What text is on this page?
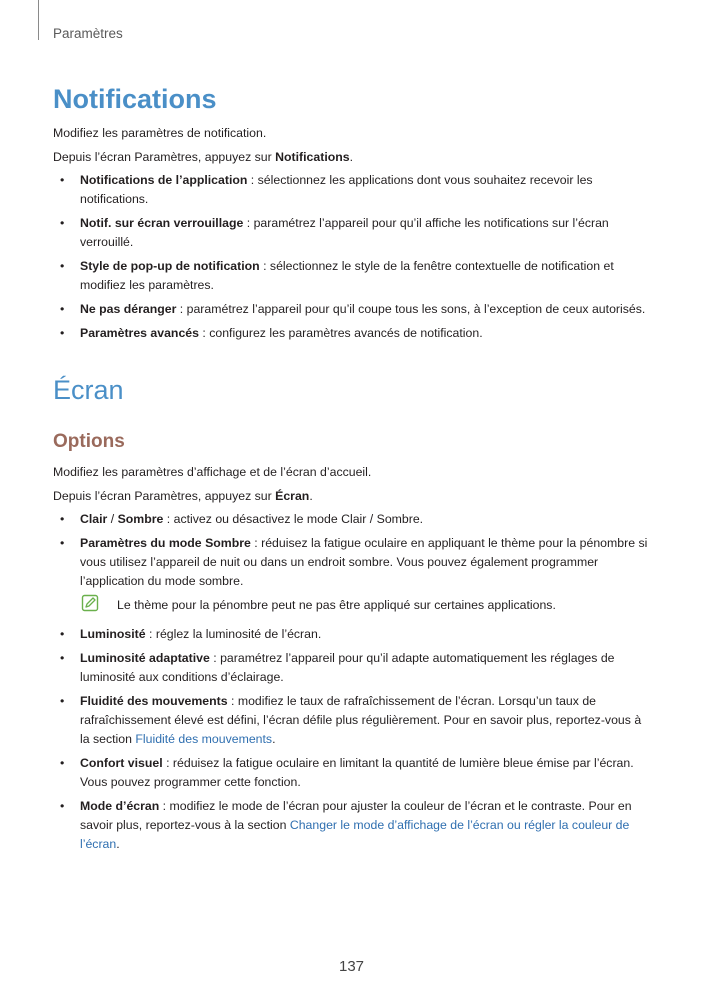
Paramètres
Notifications

Modifiez les paramètres de notification.

Depuis l’écran Paramètres, appuyez sur Notifications.

• Notifications de l’application : sélectionnez les applications dont vous souhaitez recevoir les notifications.
• Notif. sur écran verrouillage : paramétrez l’appareil pour qu’il affiche les notifications sur l’écran verrouillé.
• Style de pop-up de notification : sélectionnez le style de la fenêtre contextuelle de notification et modifiez les paramètres.
• Ne pas déranger : paramétrez l’appareil pour qu’il coupe tous les sons, à l’exception de ceux autorisés.
• Paramètres avancés : configurez les paramètres avancés de notification.
Écran
Options

Modifiez les paramètres d’affichage et de l’écran d’accueil.

Depuis l’écran Paramètres, appuyez sur Écran.

• Clair / Sombre : activez ou désactivez le mode Clair / Sombre.
• Paramètres du mode Sombre : réduisez la fatigue oculaire en appliquant le thème pour la pénombre si vous utilisez l’appareil de nuit ou dans un endroit sombre. Vous pouvez également programmer l’application du mode sombre.
Le thème pour la pénombre peut ne pas être appliqué sur certaines applications.
• Luminosité : réglez la luminosité de l’écran.
• Luminosité adaptative : paramétrez l’appareil pour qu’il adapte automatiquement les réglages de luminosité aux conditions d’éclairage.
• Fluidité des mouvements : modifiez le taux de rafraîchissement de l’écran. Lorsqu’un taux de rafraîchissement élevé est défini, l’écran défile plus régulièrement. Pour en savoir plus, reportez-vous à la section Fluidité des mouvements.
• Confort visuel : réduisez la fatigue oculaire en limitant la quantité de lumière bleue émise par l’écran. Vous pouvez programmer cette fonction.
• Mode d’écran : modifiez le mode de l’écran pour ajuster la couleur de l’écran et le contraste. Pour en savoir plus, reportez-vous à la section Changer le mode d’affichage de l’écran ou régler la couleur de l’écran.
137
